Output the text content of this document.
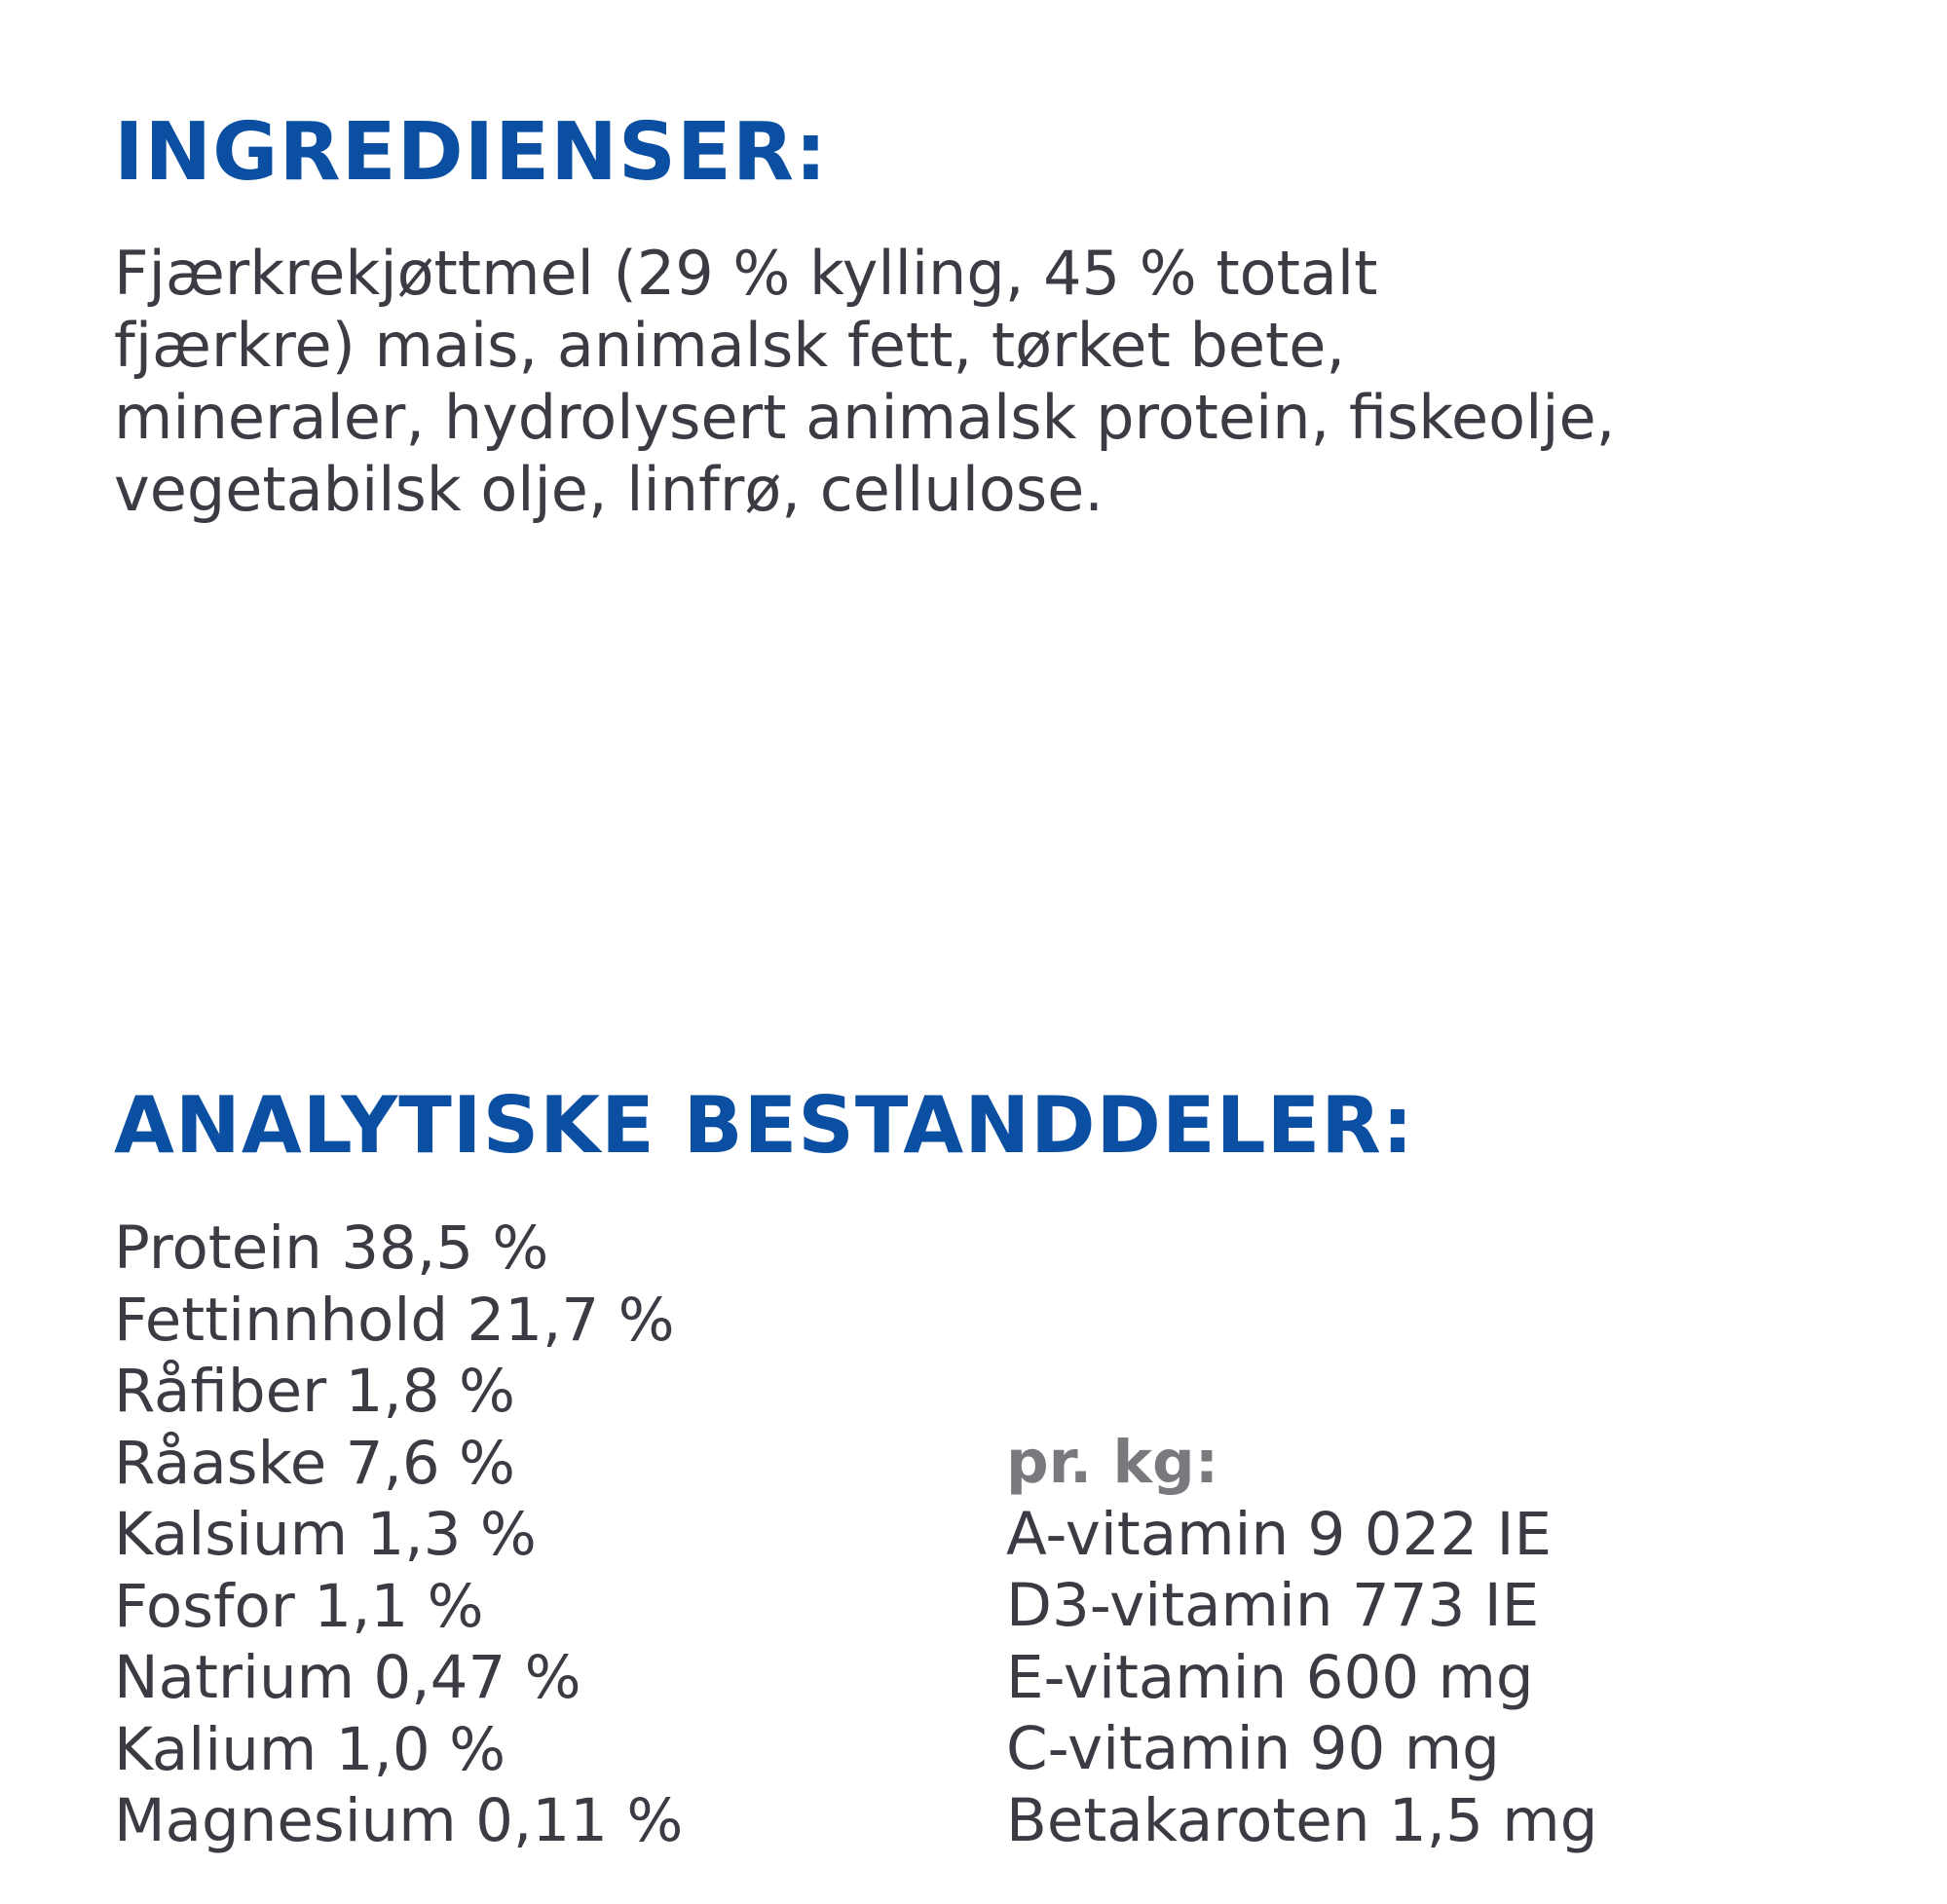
INGREDIENSER:

Fjærkrekjøttmel (29 % kylling, 45 % totalt
fjærkre) mais, animalsk fett, tørket bete,
mineraler, hydrolysert animalsk protein, fiskeolje,
vegetabilsk olje, linfrø, cellulose.

ANALYTISKE BESTANDDELER:
Protein 38,5 %
Fettinnhold 21,7 %
Råfiber 1,8 %
Råaske 7,6 %
Kalsium 1,3 %
Fosfor 1,1 %
Natrium 0,47 %
Kalium 1,0 %
Magnesium 0,11 %
pr. kg:
A-vitamin 9 022 IE
D3-vitamin 773 IE
E-vitamin 600 mg
C-vitamin 90 mg
Betakaroten 1,5 mg
